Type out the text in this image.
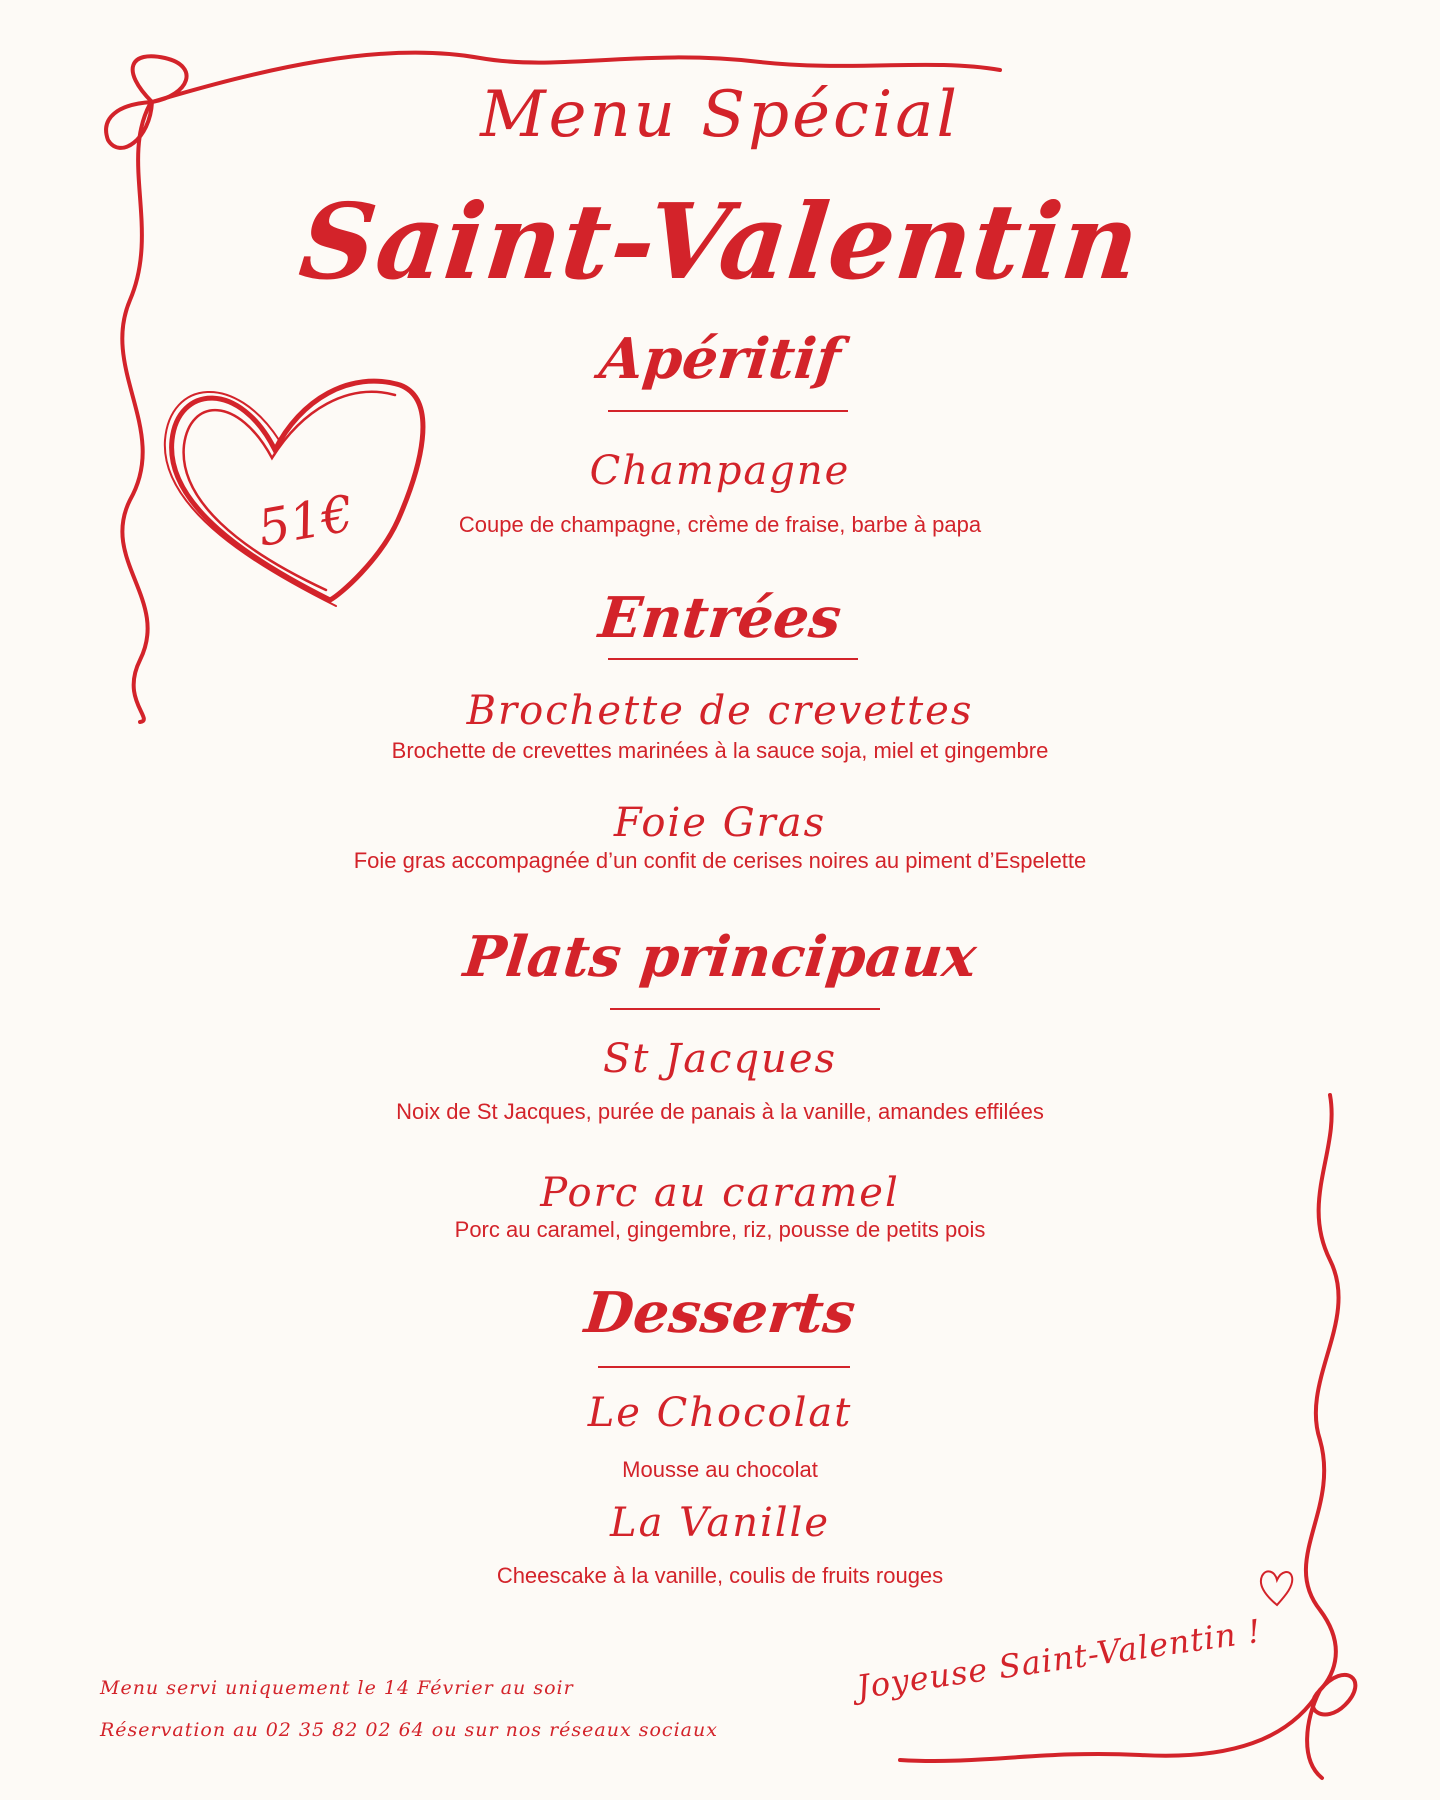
Menu Spécial
Saint-Valentin
51€
Apéritif
Champagne
Coupe de champagne, crème de fraise, barbe à papa
Entrées
Brochette de crevettes
Brochette de crevettes marinées à la sauce soja, miel et gingembre
Foie Gras
Foie gras accompagnée d’un confit de cerises noires au piment d’Espelette
Plats principaux
St Jacques
Noix de St Jacques, purée de panais à la vanille, amandes effilées
Porc au caramel
Porc au caramel, gingembre, riz, pousse de petits pois
Desserts
Le Chocolat
Mousse au chocolat
La Vanille
Cheescake à la vanille, coulis de fruits rouges
Menu servi uniquement le 14 Février au soir
Réservation au 02 35 82 02 64 ou sur nos réseaux sociaux
Joyeuse Saint-Valentin !
